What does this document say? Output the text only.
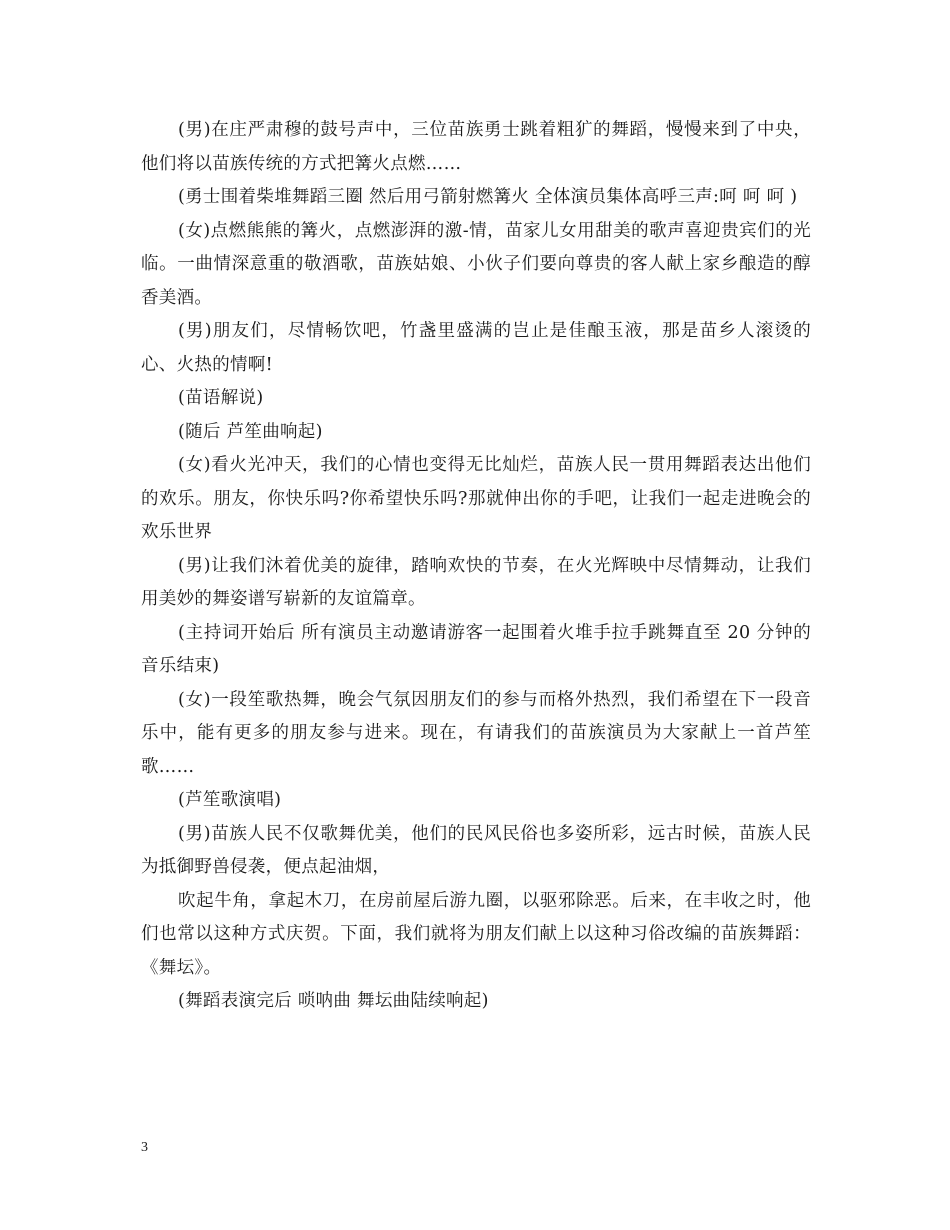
(男)在庄严肃穆的鼓号声中，三位苗族勇士跳着粗犷的舞蹈，慢慢来到了中央，他们将以苗族传统的方式把篝火点燃……

(勇士围着柴堆舞蹈三圈 然后用弓箭射燃篝火 全体演员集体高呼三声:呵 呵 呵 )

(女)点燃熊熊的篝火，点燃澎湃的激-情，苗家儿女用甜美的歌声喜迎贵宾们的光临。一曲情深意重的敬酒歌，苗族姑娘、小伙子们要向尊贵的客人献上家乡酿造的醇香美酒。

(男)朋友们，尽情畅饮吧，竹盏里盛满的岂止是佳酿玉液，那是苗乡人滚烫的心、火热的情啊!

(苗语解说)

(随后 芦笙曲响起)

(女)看火光冲天，我们的心情也变得无比灿烂，苗族人民一贯用舞蹈表达出他们的欢乐。朋友，你快乐吗?你希望快乐吗?那就伸出你的手吧，让我们一起走进晚会的欢乐世界

(男)让我们沐着优美的旋律，踏响欢快的节奏，在火光辉映中尽情舞动，让我们用美妙的舞姿谱写崭新的友谊篇章。

(主持词开始后 所有演员主动邀请游客一起围着火堆手拉手跳舞直至 20 分钟的音乐结束)

(女)一段笙歌热舞，晚会气氛因朋友们的参与而格外热烈，我们希望在下一段音乐中，能有更多的朋友参与进来。现在，有请我们的苗族演员为大家献上一首芦笙歌……

(芦笙歌演唱)

(男)苗族人民不仅歌舞优美，他们的民风民俗也多姿所彩，远古时候，苗族人民为抵御野兽侵袭，便点起油烟，

吹起牛角，拿起木刀，在房前屋后游九圈，以驱邪除恶。后来，在丰收之时，他们也常以这种方式庆贺。下面，我们就将为朋友们献上以这种习俗改编的苗族舞蹈：《舞坛》。

(舞蹈表演完后 唢呐曲 舞坛曲陆续响起)

3
